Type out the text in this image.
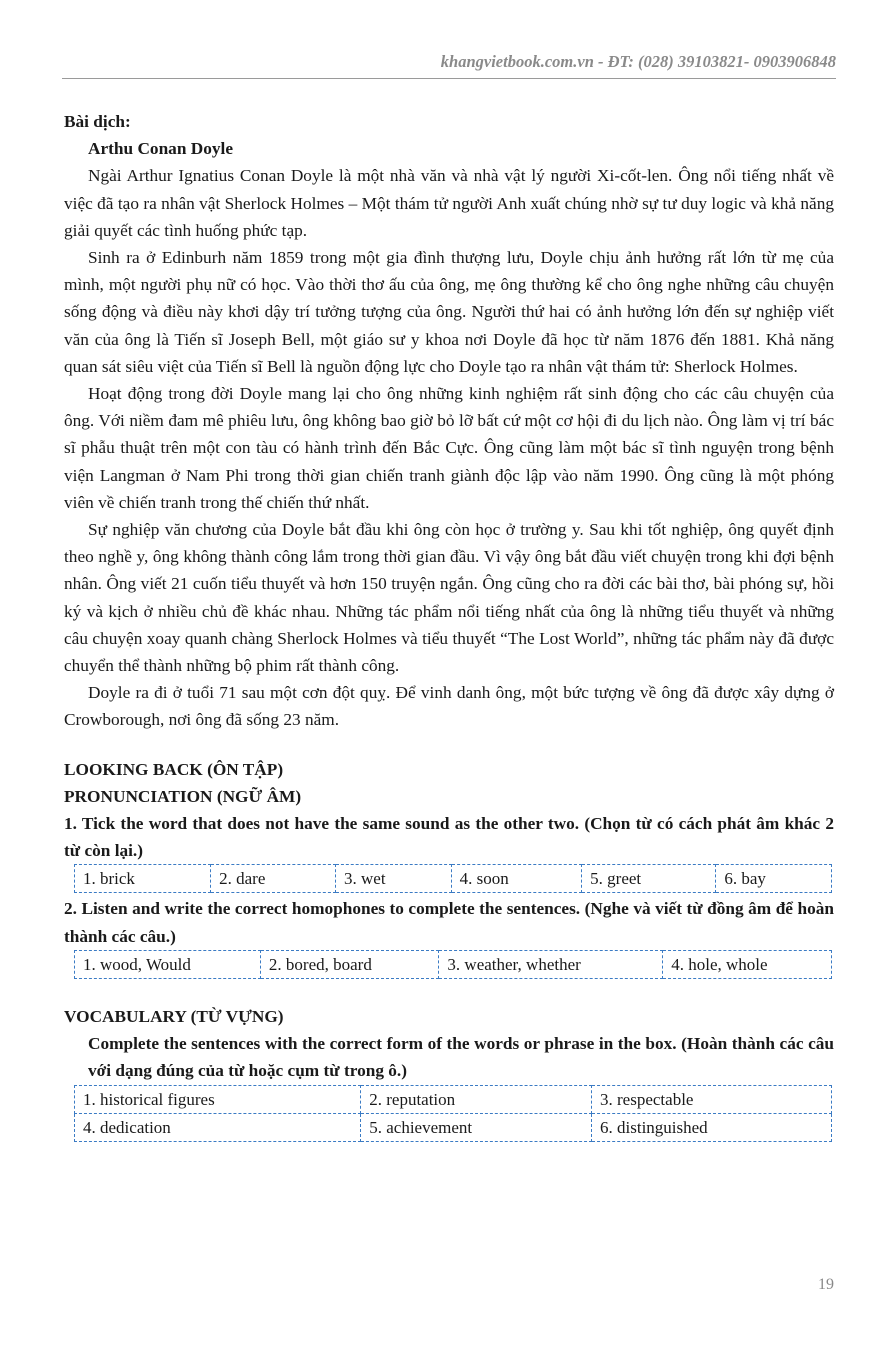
khangvietbook.com.vn - ĐT: (028) 39103821- 0903906848

Bài dịch:

Arthu Conan Doyle

Ngài Arthur Ignatius Conan Doyle là một nhà văn và nhà vật lý người Xi-cốt-len. Ông nổi tiếng nhất về việc đã tạo ra nhân vật Sherlock Holmes – Một thám tử người Anh xuất chúng nhờ sự tư duy logic và khả năng giải quyết các tình huống phức tạp.

Sinh ra ở Edinburh năm 1859 trong một gia đình thượng lưu, Doyle chịu ảnh hưởng rất lớn từ mẹ của mình, một người phụ nữ có học. Vào thời thơ ấu của ông, mẹ ông thường kể cho ông nghe những câu chuyện sống động và điều này khơi dậy trí tưởng tượng của ông. Người thứ hai có ảnh hưởng lớn đến sự nghiệp viết văn của ông là Tiến sĩ Joseph Bell, một giáo sư y khoa nơi Doyle đã học từ năm 1876 đến 1881. Khả năng quan sát siêu việt của Tiến sĩ Bell là nguồn động lực cho Doyle tạo ra nhân vật thám tử: Sherlock Holmes.

Hoạt động trong đời Doyle mang lại cho ông những kinh nghiệm rất sinh động cho các câu chuyện của ông. Với niềm đam mê phiêu lưu, ông không bao giờ bỏ lỡ bất cứ một cơ hội đi du lịch nào. Ông làm vị trí bác sĩ phẫu thuật trên một con tàu có hành trình đến Bắc Cực. Ông cũng làm một bác sĩ tình nguyện trong bệnh viện Langman ở Nam Phi trong thời gian chiến tranh giành độc lập vào năm 1990. Ông cũng là một phóng viên về chiến tranh trong thế chiến thứ nhất.

Sự nghiệp văn chương của Doyle bắt đầu khi ông còn học ở trường y. Sau khi tốt nghiệp, ông quyết định theo nghề y, ông không thành công lắm trong thời gian đầu. Vì vậy ông bắt đầu viết chuyện trong khi đợi bệnh nhân. Ông viết 21 cuốn tiểu thuyết và hơn 150 truyện ngắn. Ông cũng cho ra đời các bài thơ, bài phóng sự, hồi ký và kịch ở nhiều chủ đề khác nhau. Những tác phẩm nổi tiếng nhất của ông là những tiểu thuyết và những câu chuyện xoay quanh chàng Sherlock Holmes và tiểu thuyết “The Lost World”, những tác phẩm này đã được chuyển thể thành những bộ phim rất thành công.

Doyle ra đi ở tuổi 71 sau một cơn đột quỵ. Để vinh danh ông, một bức tượng về ông đã được xây dựng ở Crowborough, nơi ông đã sống 23 năm.

LOOKING BACK (ÔN TẬP)

PRONUNCIATION (NGỮ ÂM)

1. Tick the word that does not have the same sound as the other two. (Chọn từ có cách phát âm khác 2 từ còn lại.)

1. brick	2. dare	3. wet	4. soon	5. greet	6. bay

2. Listen and write the correct homophones to complete the sentences. (Nghe và viết từ đồng âm để hoàn thành các câu.)

1. wood, Would	2. bored, board	3. weather, whether	4. hole, whole

VOCABULARY (TỪ VỰNG)

Complete the sentences with the correct form of the words or phrase in the box. (Hoàn thành các câu với dạng đúng của từ hoặc cụm từ trong ô.)

1. historical figures	2. reputation	3. respectable
4. dedication	5. achievement	6. distinguished
19
